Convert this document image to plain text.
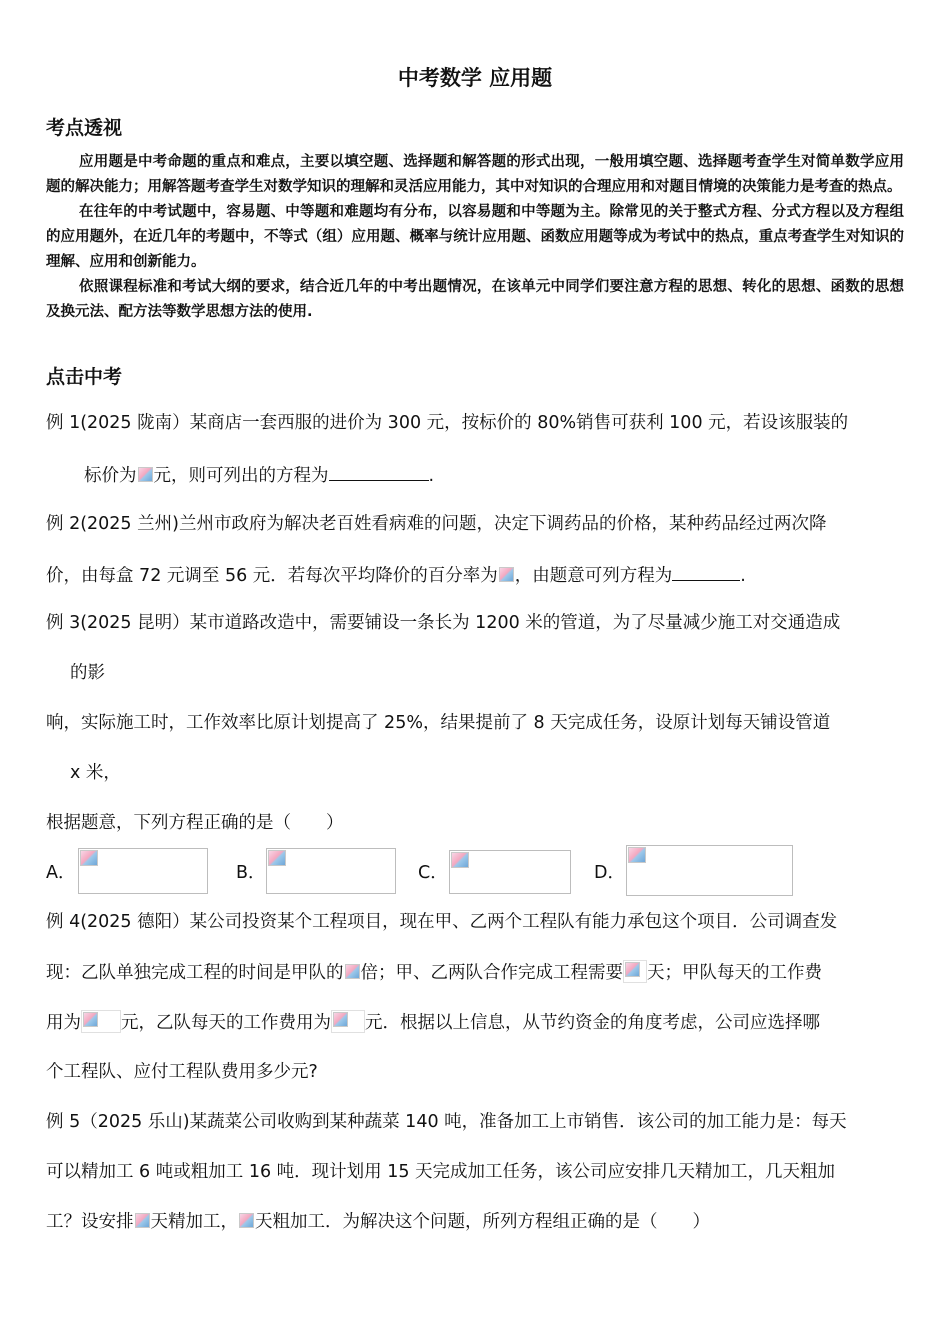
中考数学 应用题
考点透视

应用题是中考命题的重点和难点，主要以填空题、选择题和解答题的形式出现，一般用填空题、选择题考查学生对简单数学应用题的解决能力；用解答题考查学生对数学知识的理解和灵活应用能力，其中对知识的合理应用和对题目情境的决策能力是考查的热点。

在往年的中考试题中，容易题、中等题和难题均有分布，以容易题和中等题为主。除常见的关于整式方程、分式方程以及方程组的应用题外，在近几年的考题中，不等式（组）应用题、概率与统计应用题、函数应用题等成为考试中的热点，重点考查学生对知识的理解、应用和创新能力。

依照课程标准和考试大纲的要求，结合近几年的中考出题情况，在该单元中同学们要注意方程的思想、转化的思想、函数的思想及换元法、配方法等数学思想方法的使用.

点击中考
例 1(2025 陇南）某商店一套西服的进价为 300 元，按标价的 80%销售可获利 100 元，若设该服装的
标价为 元，则可列出的方程为	.
例 2(2025 兰州)兰州市政府为解决老百姓看病难的问题，决定下调药品的价格，某种药品经过两次降
价，由每盒 72 元调至 56 元．若每次平均降价的百分率为 ，由题意可列方程为	.
例 3(2025 昆明）某市道路改造中，需要铺设一条长为 1200 米的管道，为了尽量减少施工对交通造成
的影
响，实际施工时，工作效率比原计划提高了 25%，结果提前了 8 天完成任务，设原计划每天铺设管道
x 米，
根据题意，下列方程正确的是（　　）
A．	B．	C．	D．
例 4(2025 德阳）某公司投资某个工程项目，现在甲、乙两个工程队有能力承包这个项目．公司调查发
现：乙队单独完成工程的时间是甲队的 倍；甲、乙两队合作完成工程需要 天；甲队每天的工作费
用为 元，乙队每天的工作费用为 元．根据以上信息，从节约资金的角度考虑，公司应选择哪
个工程队、应付工程队费用多少元?
例 5（2025 乐山)某蔬菜公司收购到某种蔬菜 140 吨，准备加工上市销售．该公司的加工能力是：每天
可以精加工 6 吨或粗加工 16 吨．现计划用 15 天完成加工任务，该公司应安排几天精加工，几天粗加
工？设安排 天精加工， 天粗加工．为解决这个问题，所列方程组正确的是（　　）
